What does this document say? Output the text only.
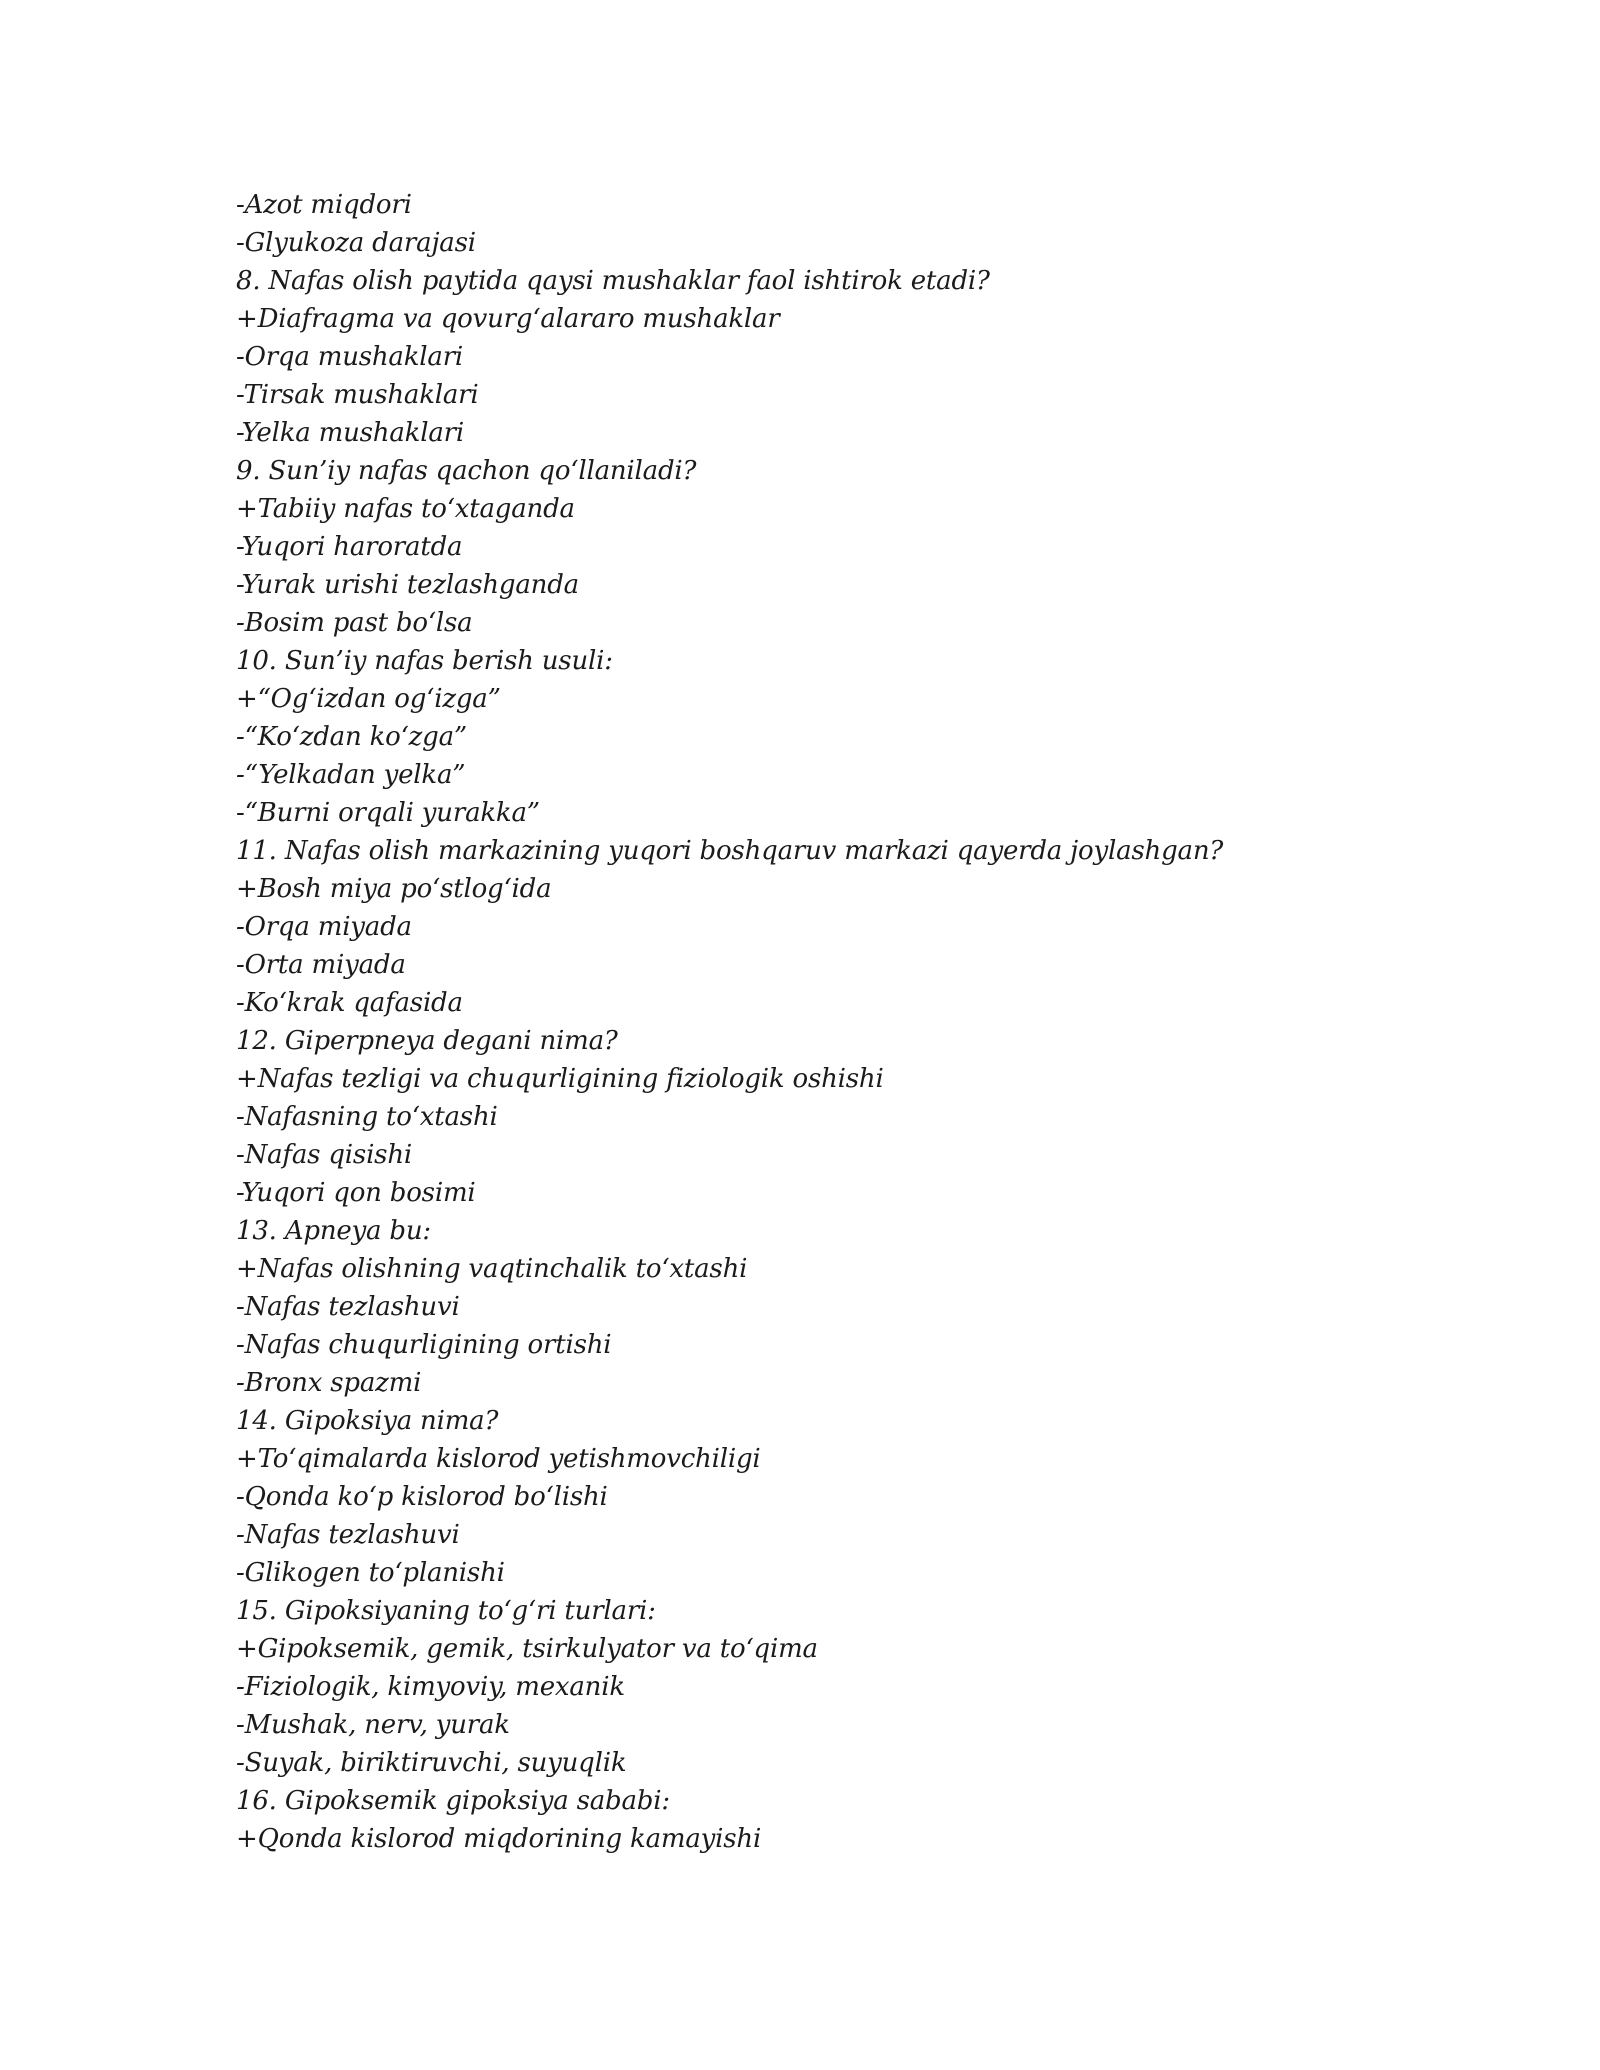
-Azot miqdori
-Glyukoza darajasi
8. Nafas olish paytida qaysi mushaklar faol ishtirok etadi?
+Diafragma va qovurg‘alararo mushaklar
-Orqa mushaklari
-Tirsak mushaklari
-Yelka mushaklari
9. Sun’iy nafas qachon qo‘llaniladi?
+Tabiiy nafas to‘xtaganda
-Yuqori haroratda
-Yurak urishi tezlashganda
-Bosim past bo‘lsa
10. Sun’iy nafas berish usuli:
+“Og‘izdan og‘izga”
-“Ko‘zdan ko‘zga”
-“Yelkadan yelka”
-“Burni orqali yurakka”
11. Nafas olish markazining yuqori boshqaruv markazi qayerda joylashgan?
+Bosh miya po‘stlog‘ida
-Orqa miyada
-Orta miyada
-Ko‘krak qafasida
12. Giperpneya degani nima?
+Nafas tezligi va chuqurligining fiziologik oshishi
-Nafasning to‘xtashi
-Nafas qisishi
-Yuqori qon bosimi
13. Apneya bu:
+Nafas olishning vaqtinchalik to‘xtashi
-Nafas tezlashuvi
-Nafas chuqurligining ortishi
-Bronx spazmi
14. Gipoksiya nima?
+To‘qimalarda kislorod yetishmovchiligi
-Qonda ko‘p kislorod bo‘lishi
-Nafas tezlashuvi
-Glikogen to‘planishi
15. Gipoksiyaning to‘g‘ri turlari:
+Gipoksemik, gemik, tsirkulyator va to‘qima
-Fiziologik, kimyoviy, mexanik
-Mushak, nerv, yurak
-Suyak, biriktiruvchi, suyuqlik
16. Gipoksemik gipoksiya sababi:
+Qonda kislorod miqdorining kamayishi
